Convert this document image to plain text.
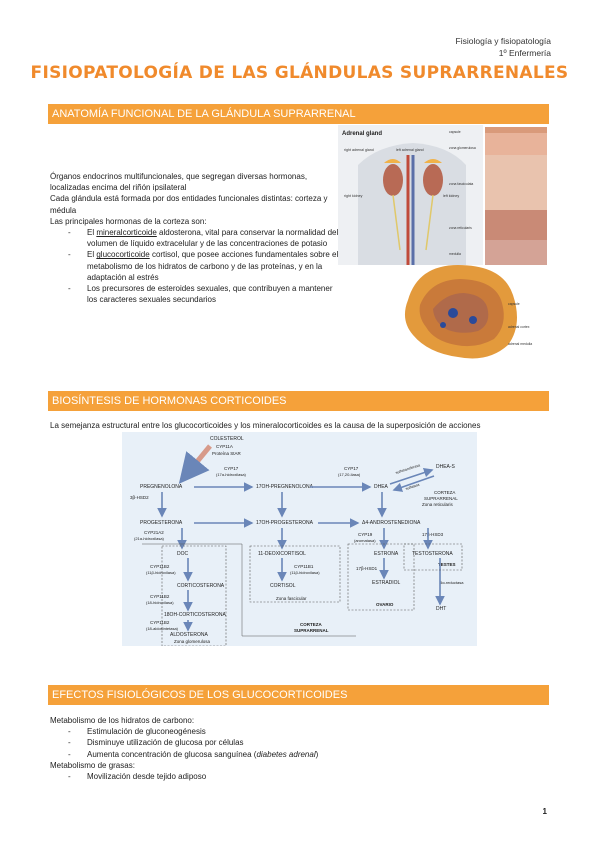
Fisiología y fisiopatología
1º Enfermería
FISIOPATOLOGÍA DE LAS GLÁNDULAS SUPRARRENALES
ANATOMÍA FUNCIONAL DE LA GLÁNDULA SUPRARRENAL

Órganos endocrinos multifuncionales, que segregan diversas hormonas, localizadas encima del riñón ipsilateral

Cada glándula está formada por dos entidades funcionales distintas: corteza y médula

Las principales hormonas de la corteza son:

- El mineralcorticoide aldosterona, vital para conservar la normalidad del volumen de líquido extracelular y de las concentraciones de potasio

- El glucocorticoide cortisol, que posee acciones fundamentales sobre el metabolismo de los hidratos de carbono y de las proteínas, y en la adaptación al estrés

- Los precursores de esteroides sexuales, que contribuyen a mantener los caracteres sexuales secundarios

Adrenal gland
right adrenal gland	left adrenal gland
right kidney	left kidney
capsule
zona glomerulosa
zona fasciculata
zona reticularis
medulla
capsule
adrenal cortex
adrenal medulla
BIOSÍNTESIS DE HORMONAS CORTICOIDES
La semejanza estructural entre los glucocorticoides y los mineralocorticoides es la causa de la superposición de acciones
COLESTEROL
CYP11A
Proteína StAR
CYP17
(17α-hidroxilasa)
CYP17
(17,20-liasa)
PREGNENOLONA	17OH-PREGNENOLONA	DHEA
DHEA-S
sulfotransferasa
sulfatasa
3β-HSD2
CORTEZA
SUPRARRENAL
Zona reticularis
PROGESTERONA	17OH-PROGESTERONA	Δ4-ANDROSTENEDIONA
CYP21A2
(21α-hidroxilasa)
CYP19
(aromatasa)
17β-HSD3
DOC	11-DEOXICORTISOL	ESTRONA	TESTOSTERONA
CYP11B2
(11β-hidroxilasa)
CYP11B1
(11β-hidroxilasa)
17β-HSD1
TESTES
CORTICOSTERONA	CORTISOL	ESTRADIOL	5α-reductasa
CYP11B2
(18-hidroxilasa)
Zona fascicular
OVARIO
18OH-CORTICOSTERONA
DHT
CYP11B2
(18-aldosintetasa)
ALDOSTERONA
CORTEZA
SUPRARRENAL
Zona glomerulosa
EFECTOS FISIOLÓGICOS DE LOS GLUCOCORTICOIDES

Metabolismo de los hidratos de carbono:

- Estimulación de gluconeogénesis

- Disminuye utilización de glucosa por células

- Aumenta concentración de glucosa sanguínea (diabetes adrenal)

Metabolismo de grasas:

- Movilización desde tejido adiposo

1
